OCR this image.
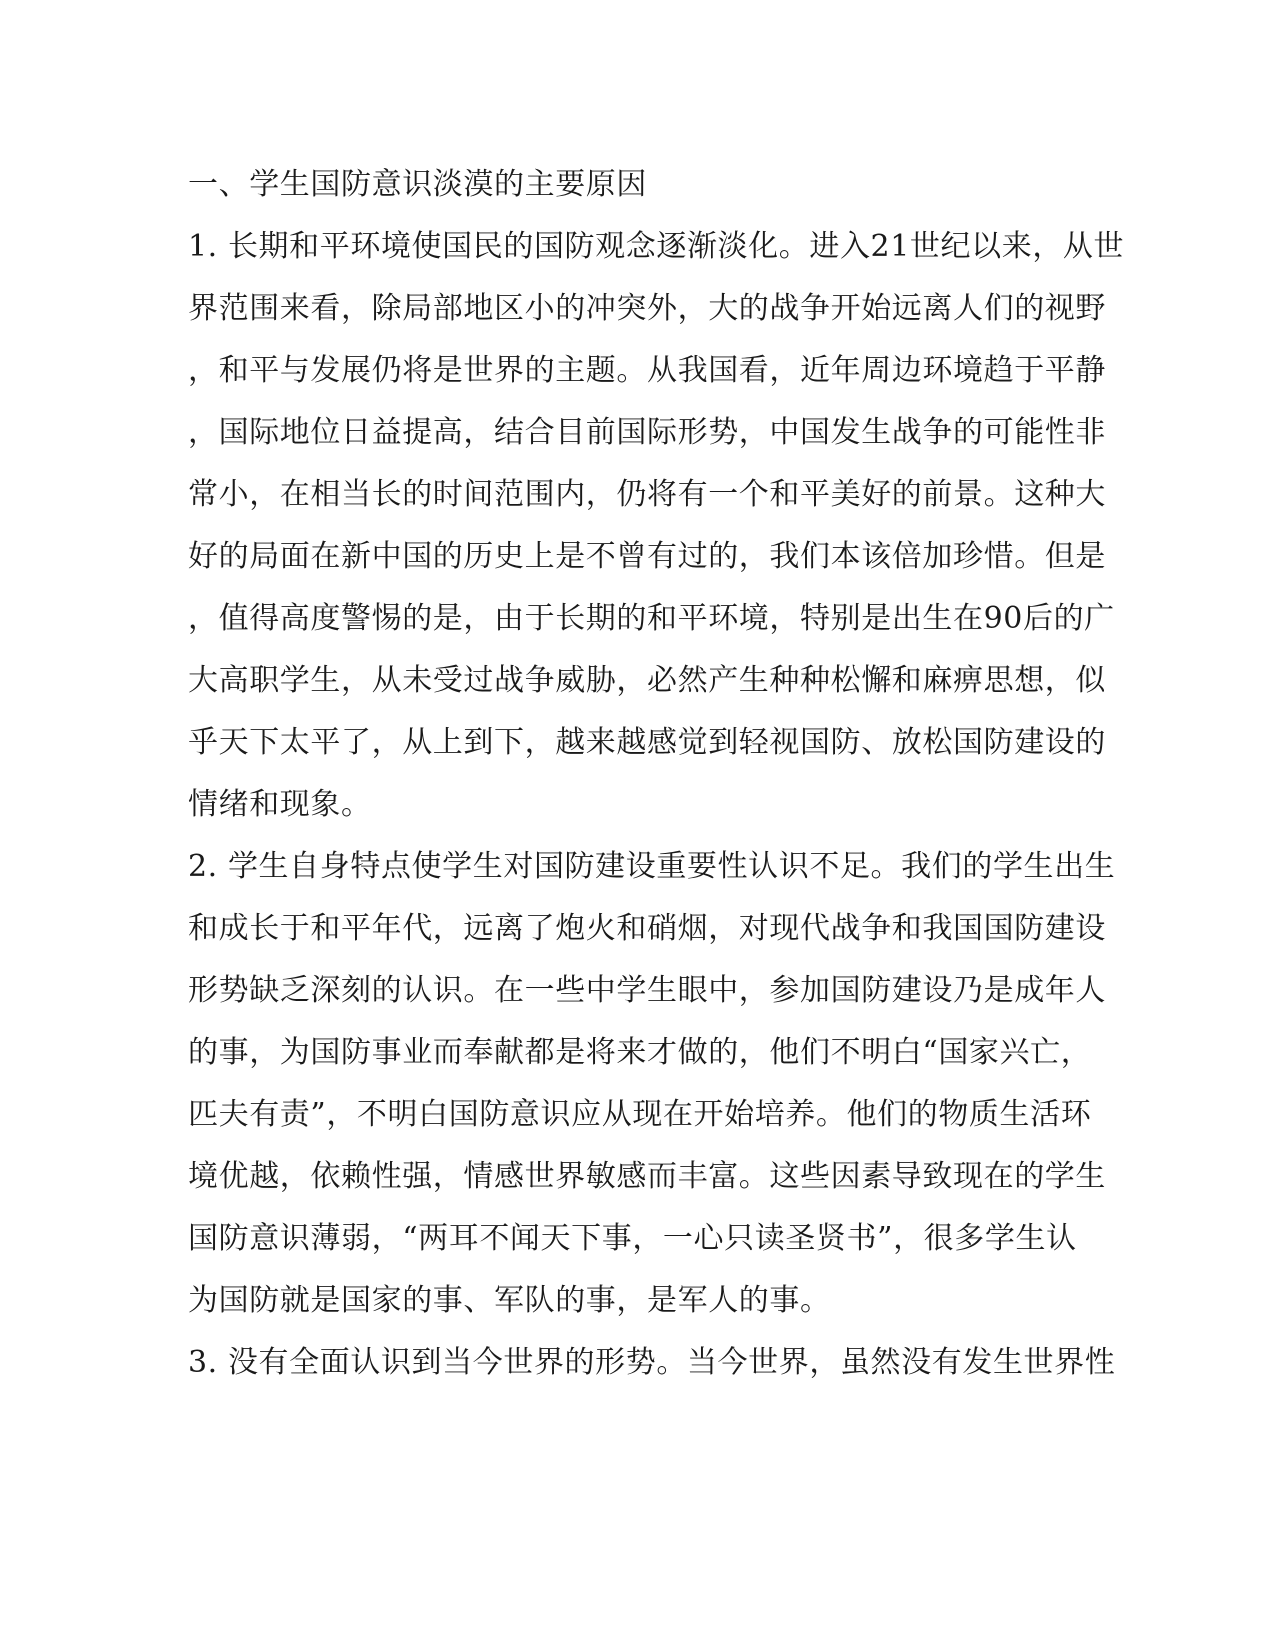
一、学生国防意识淡漠的主要原因
1. 长期和平环境使国民的国防观念逐渐淡化。进入21世纪以来，从世
界范围来看，除局部地区小的冲突外，大的战争开始远离人们的视野
，和平与发展仍将是世界的主题。从我国看，近年周边环境趋于平静
，国际地位日益提高，结合目前国际形势，中国发生战争的可能性非
常小，在相当长的时间范围内，仍将有一个和平美好的前景。这种大
好的局面在新中国的历史上是不曾有过的，我们本该倍加珍惜。但是
，值得高度警惕的是，由于长期的和平环境，特别是出生在90后的广
大高职学生，从未受过战争威胁，必然产生种种松懈和麻痹思想，似
乎天下太平了，从上到下，越来越感觉到轻视国防、放松国防建设的
情绪和现象。
2. 学生自身特点使学生对国防建设重要性认识不足。我们的学生出生
和成长于和平年代，远离了炮火和硝烟，对现代战争和我国国防建设
形势缺乏深刻的认识。在一些中学生眼中，参加国防建设乃是成年人
的事，为国防事业而奉献都是将来才做的，他们不明白“国家兴亡，
匹夫有责”，不明白国防意识应从现在开始培养。他们的物质生活环
境优越，依赖性强，情感世界敏感而丰富。这些因素导致现在的学生
国防意识薄弱，“两耳不闻天下事，一心只读圣贤书”，很多学生认
为国防就是国家的事、军队的事，是军人的事。
3. 没有全面认识到当今世界的形势。当今世界，虽然没有发生世界性
